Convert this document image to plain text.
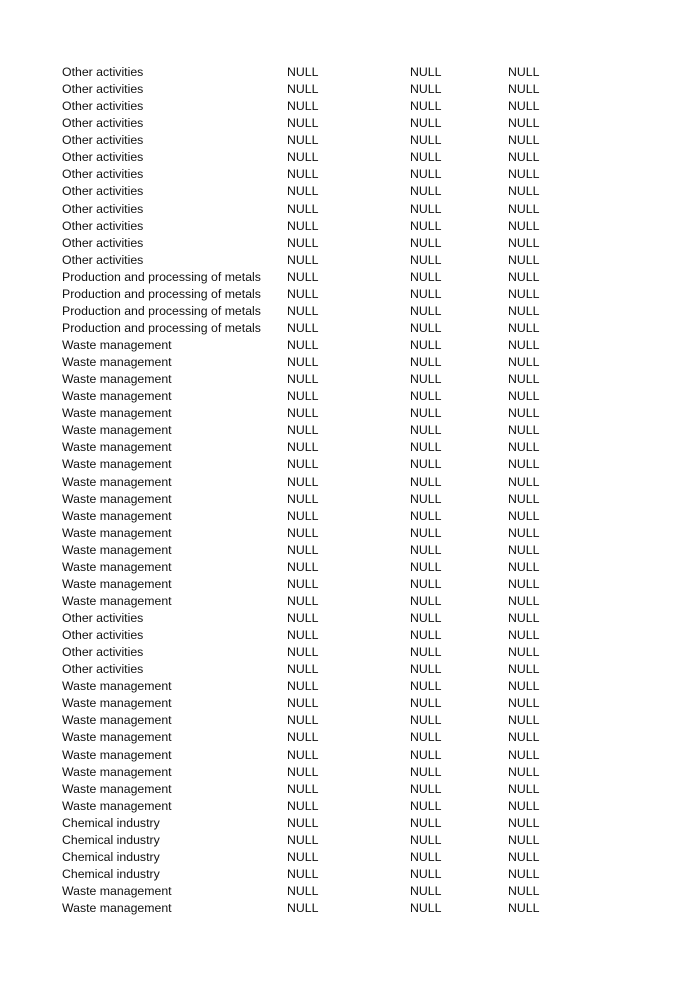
Other activities	NULL	NULL	NULL
Other activities	NULL	NULL	NULL
Other activities	NULL	NULL	NULL
Other activities	NULL	NULL	NULL
Other activities	NULL	NULL	NULL
Other activities	NULL	NULL	NULL
Other activities	NULL	NULL	NULL
Other activities	NULL	NULL	NULL
Other activities	NULL	NULL	NULL
Other activities	NULL	NULL	NULL
Other activities	NULL	NULL	NULL
Other activities	NULL	NULL	NULL
Production and processing of metals NULL	NULL	NULL
Production and processing of metals NULL	NULL	NULL
Production and processing of metals NULL	NULL	NULL
Production and processing of metals NULL	NULL	NULL
Waste management	NULL	NULL	NULL
Waste management	NULL	NULL	NULL
Waste management	NULL	NULL	NULL
Waste management	NULL	NULL	NULL
Waste management	NULL	NULL	NULL
Waste management	NULL	NULL	NULL
Waste management	NULL	NULL	NULL
Waste management	NULL	NULL	NULL
Waste management	NULL	NULL	NULL
Waste management	NULL	NULL	NULL
Waste management	NULL	NULL	NULL
Waste management	NULL	NULL	NULL
Waste management	NULL	NULL	NULL
Waste management	NULL	NULL	NULL
Waste management	NULL	NULL	NULL
Waste management	NULL	NULL	NULL
Other activities	NULL	NULL	NULL
Other activities	NULL	NULL	NULL
Other activities	NULL	NULL	NULL
Other activities	NULL	NULL	NULL
Waste management	NULL	NULL	NULL
Waste management	NULL	NULL	NULL
Waste management	NULL	NULL	NULL
Waste management	NULL	NULL	NULL
Waste management	NULL	NULL	NULL
Waste management	NULL	NULL	NULL
Waste management	NULL	NULL	NULL
Waste management	NULL	NULL	NULL
Chemical industry	NULL	NULL	NULL
Chemical industry	NULL	NULL	NULL
Chemical industry	NULL	NULL	NULL
Chemical industry	NULL	NULL	NULL
Waste management	NULL	NULL	NULL
Waste management	NULL	NULL	NULL
